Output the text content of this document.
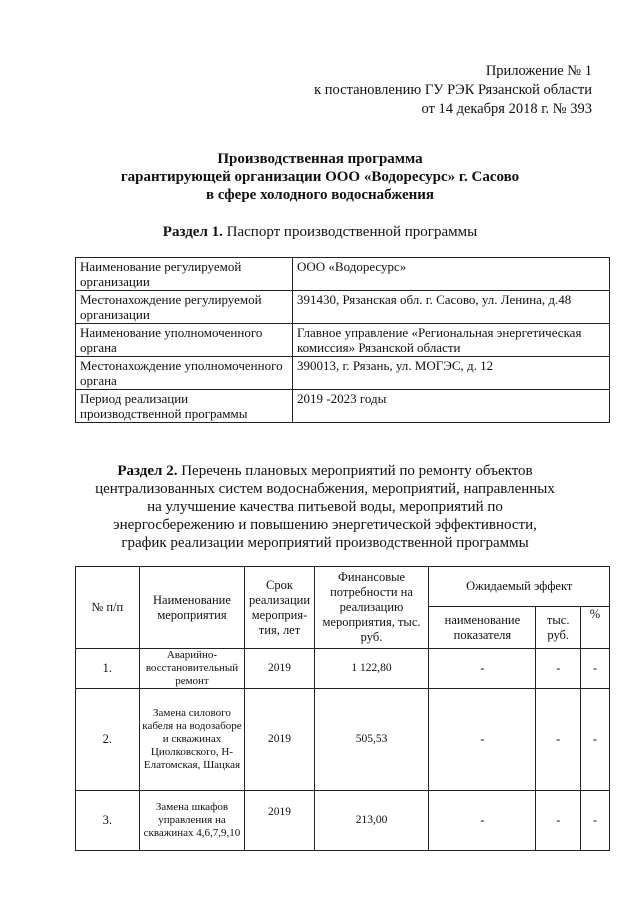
Приложение № 1
к постановлению ГУ РЭК Рязанской области
от 14 декабря 2018 г. № 393
Производственная программа
гарантирующей организации ООО «Водоресурс» г. Сасово
в сфере холодного водоснабжения
Раздел 1. Паспорт производственной программы
Наименование регулируемой организации	ООО «Водоресурс»
Местонахождение регулируемой организации	391430, Рязанская обл. г. Сасово, ул. Ленина, д.48
Наименование уполномоченного органа	Главное управление «Региональная энергетическая комиссия» Рязанской области
Местонахождение уполномоченного органа	390013, г. Рязань, ул. МОГЭС, д. 12
Период реализации производственной программы	2019 -2023 годы
Раздел 2. Перечень плановых мероприятий по ремонту объектов централизованных систем водоснабжения, мероприятий, направленных на улучшение качества питьевой воды, мероприятий по энергосбережению и повышению энергетической эффективности, график реализации мероприятий производственной программы
№ п/п	Наименование мероприятия	Срок реализации мероприя-тия, лет	Финансовые потребности на реализацию мероприятия, тыс. руб.	Ожидаемый эффект		
				наименование показателя	тыс. руб.	%
1.	Аварийно-восстановительный ремонт	2019	1 122,80	-	-	-
2.	Замена силового кабеля на водозаборе и скважинах Циолковского, Н-Елатомская, Шацкая	2019	505,53	-	-	-
3.	Замена шкафов управления на скважинах 4,6,7,9,10	2019	213,00	-	-	-
